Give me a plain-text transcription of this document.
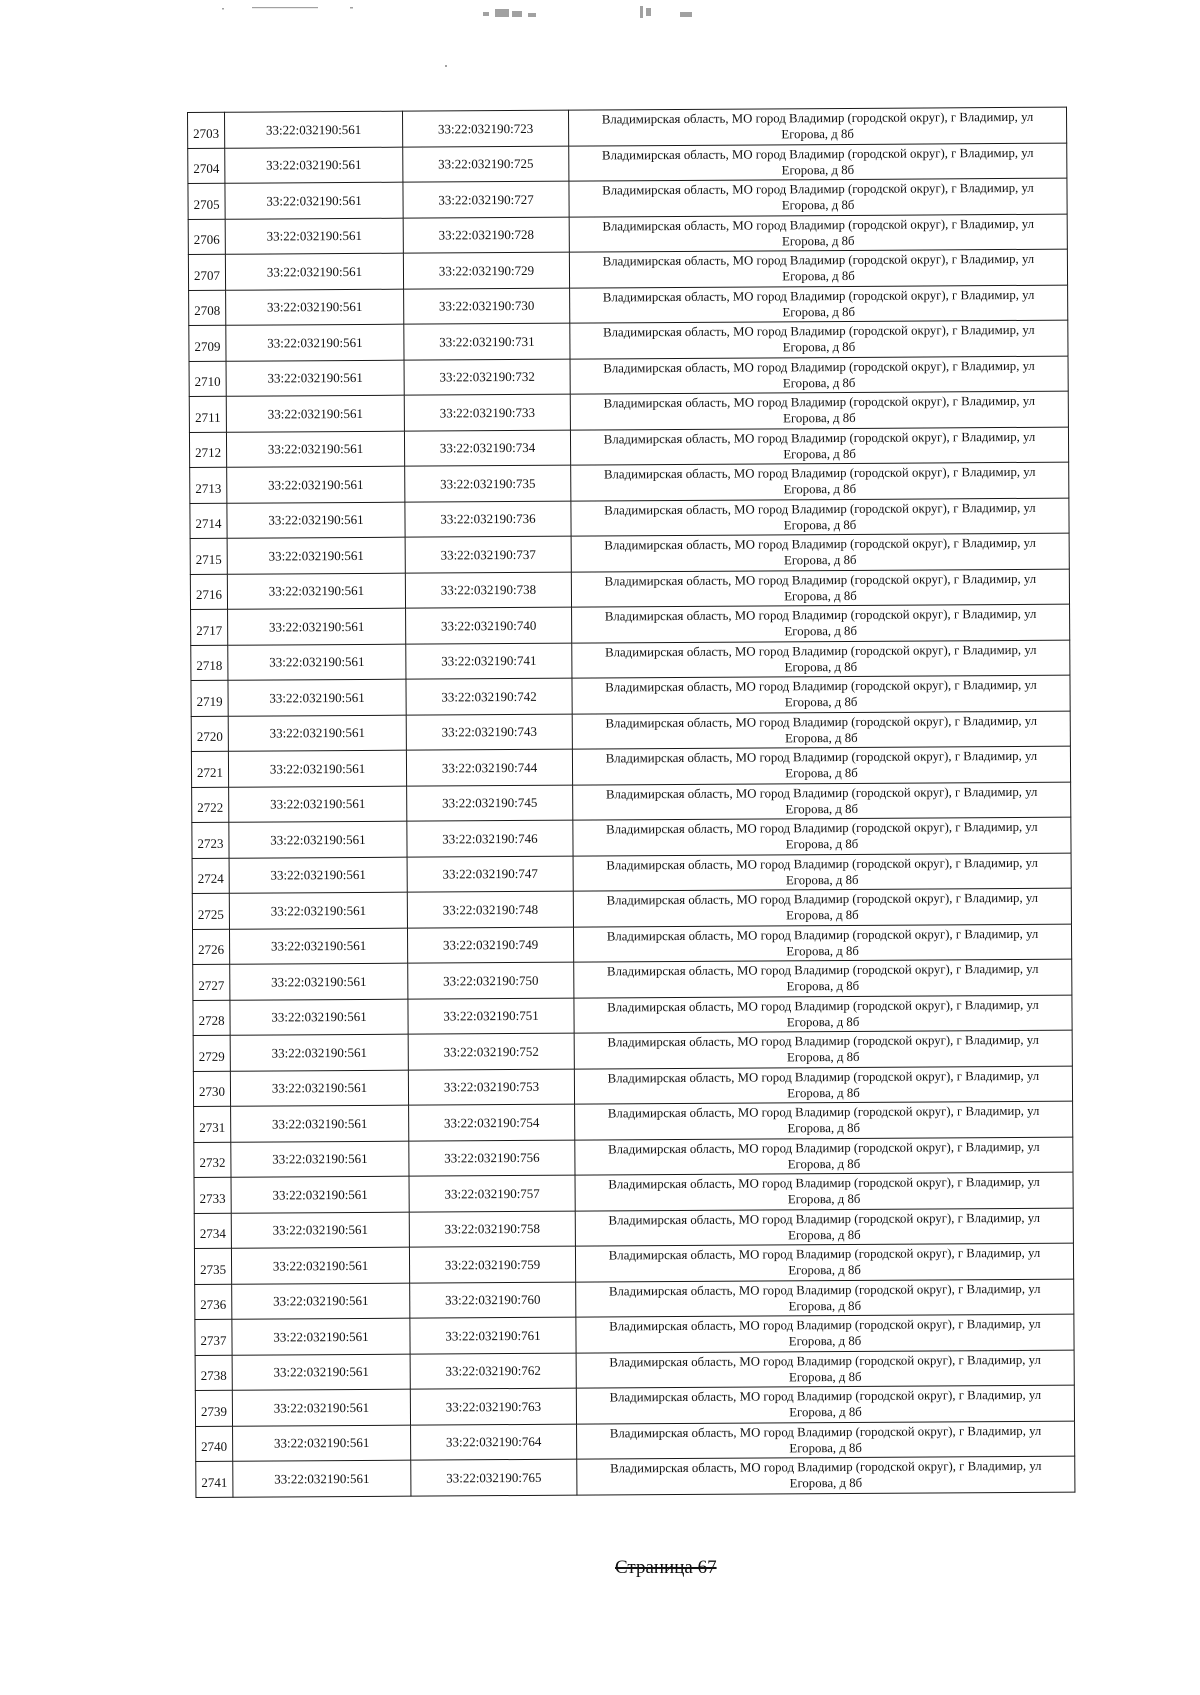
2703	33:22:032190:561	33:22:032190:723	Владимирская область, МО город Владимир (городской округ), г Владимир, ул
Егорова, д 8б

2704	33:22:032190:561	33:22:032190:725	Владимирская область, МО город Владимир (городской округ), г Владимир, ул
Егорова, д 8б

2705	33:22:032190:561	33:22:032190:727	Владимирская область, МО город Владимир (городской округ), г Владимир, ул
Егорова, д 8б

2706	33:22:032190:561	33:22:032190:728	Владимирская область, МО город Владимир (городской округ), г Владимир, ул
Егорова, д 8б

2707	33:22:032190:561	33:22:032190:729	Владимирская область, МО город Владимир (городской округ), г Владимир, ул
Егорова, д 8б

2708	33:22:032190:561	33:22:032190:730	Владимирская область, МО город Владимир (городской округ), г Владимир, ул
Егорова, д 8б

2709	33:22:032190:561	33:22:032190:731	Владимирская область, МО город Владимир (городской округ), г Владимир, ул
Егорова, д 8б

2710	33:22:032190:561	33:22:032190:732	Владимирская область, МО город Владимир (городской округ), г Владимир, ул
Егорова, д 8б

2711	33:22:032190:561	33:22:032190:733	Владимирская область, МО город Владимир (городской округ), г Владимир, ул
Егорова, д 8б

2712	33:22:032190:561	33:22:032190:734	Владимирская область, МО город Владимир (городской округ), г Владимир, ул
Егорова, д 8б

2713	33:22:032190:561	33:22:032190:735	Владимирская область, МО город Владимир (городской округ), г Владимир, ул
Егорова, д 8б

2714	33:22:032190:561	33:22:032190:736	Владимирская область, МО город Владимир (городской округ), г Владимир, ул
Егорова, д 8б

2715	33:22:032190:561	33:22:032190:737	Владимирская область, МО город Владимир (городской округ), г Владимир, ул
Егорова, д 8б

2716	33:22:032190:561	33:22:032190:738	Владимирская область, МО город Владимир (городской округ), г Владимир, ул
Егорова, д 8б

2717	33:22:032190:561	33:22:032190:740	Владимирская область, МО город Владимир (городской округ), г Владимир, ул
Егорова, д 8б

2718	33:22:032190:561	33:22:032190:741	Владимирская область, МО город Владимир (городской округ), г Владимир, ул
Егорова, д 8б

2719	33:22:032190:561	33:22:032190:742	Владимирская область, МО город Владимир (городской округ), г Владимир, ул
Егорова, д 8б

2720	33:22:032190:561	33:22:032190:743	Владимирская область, МО город Владимир (городской округ), г Владимир, ул
Егорова, д 8б

2721	33:22:032190:561	33:22:032190:744	Владимирская область, МО город Владимир (городской округ), г Владимир, ул
Егорова, д 8б

2722	33:22:032190:561	33:22:032190:745	Владимирская область, МО город Владимир (городской округ), г Владимир, ул
Егорова, д 8б

2723	33:22:032190:561	33:22:032190:746	Владимирская область, МО город Владимир (городской округ), г Владимир, ул
Егорова, д 8б

2724	33:22:032190:561	33:22:032190:747	Владимирская область, МО город Владимир (городской округ), г Владимир, ул
Егорова, д 8б

2725	33:22:032190:561	33:22:032190:748	Владимирская область, МО город Владимир (городской округ), г Владимир, ул
Егорова, д 8б

2726	33:22:032190:561	33:22:032190:749	Владимирская область, МО город Владимир (городской округ), г Владимир, ул
Егорова, д 8б

2727	33:22:032190:561	33:22:032190:750	Владимирская область, МО город Владимир (городской округ), г Владимир, ул
Егорова, д 8б

2728	33:22:032190:561	33:22:032190:751	Владимирская область, МО город Владимир (городской округ), г Владимир, ул
Егорова, д 8б

2729	33:22:032190:561	33:22:032190:752	Владимирская область, МО город Владимир (городской округ), г Владимир, ул
Егорова, д 8б

2730	33:22:032190:561	33:22:032190:753	Владимирская область, МО город Владимир (городской округ), г Владимир, ул
Егорова, д 8б

2731	33:22:032190:561	33:22:032190:754	Владимирская область, МО город Владимир (городской округ), г Владимир, ул
Егорова, д 8б

2732	33:22:032190:561	33:22:032190:756	Владимирская область, МО город Владимир (городской округ), г Владимир, ул
Егорова, д 8б

2733	33:22:032190:561	33:22:032190:757	Владимирская область, МО город Владимир (городской округ), г Владимир, ул
Егорова, д 8б

2734	33:22:032190:561	33:22:032190:758	Владимирская область, МО город Владимир (городской округ), г Владимир, ул
Егорова, д 8б

2735	33:22:032190:561	33:22:032190:759	Владимирская область, МО город Владимир (городской округ), г Владимир, ул
Егорова, д 8б

2736	33:22:032190:561	33:22:032190:760	Владимирская область, МО город Владимир (городской округ), г Владимир, ул
Егорова, д 8б

2737	33:22:032190:561	33:22:032190:761	Владимирская область, МО город Владимир (городской округ), г Владимир, ул
Егорова, д 8б

2738	33:22:032190:561	33:22:032190:762	Владимирская область, МО город Владимир (городской округ), г Владимир, ул
Егорова, д 8б

2739	33:22:032190:561	33:22:032190:763	Владимирская область, МО город Владимир (городской округ), г Владимир, ул
Егорова, д 8б

2740	33:22:032190:561	33:22:032190:764	Владимирская область, МО город Владимир (городской округ), г Владимир, ул
Егорова, д 8б

2741	33:22:032190:561	33:22:032190:765	Владимирская область, МО город Владимир (городской округ), г Владимир, ул
Егорова, д 8б
Страница 67
